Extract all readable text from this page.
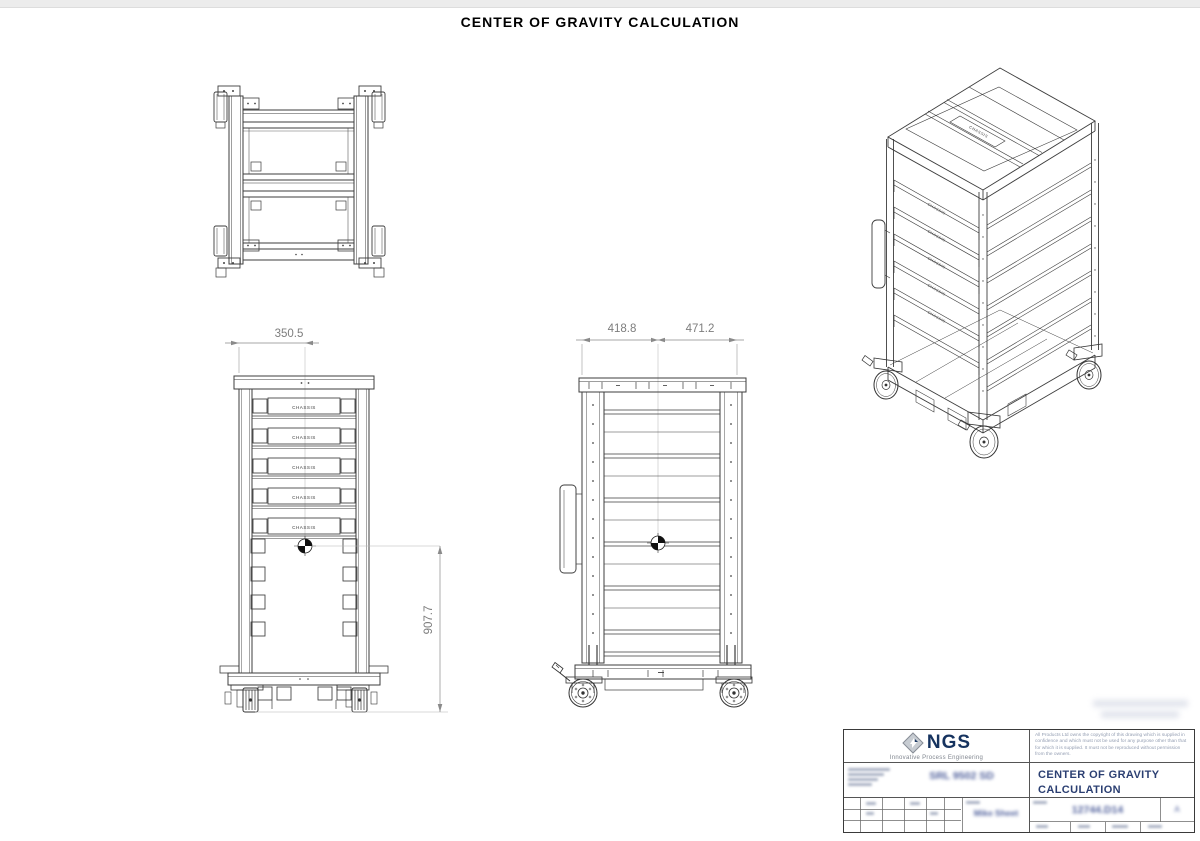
CENTER OF GRAVITY CALCULATION
350.5
CHASSIS
CHASSIS
CHASSIS
CHASSIS
CHASSIS
907.7
418.8	471.2
CHASSIS
CHASSIS
CHASSIS
CHASSIS
CHASSIS
CHASSIS
NGS
Innovative Process Engineering
All Products Ltd owns the copyright of this drawing which is supplied in confidence and which must not be used for any purpose other than that for which it is supplied. It must not be reproduced without permission from the owners.
SRL 9502 SD	CENTER OF GRAVITY
CALCULATION
Mike Sheet	12744.D14	A
